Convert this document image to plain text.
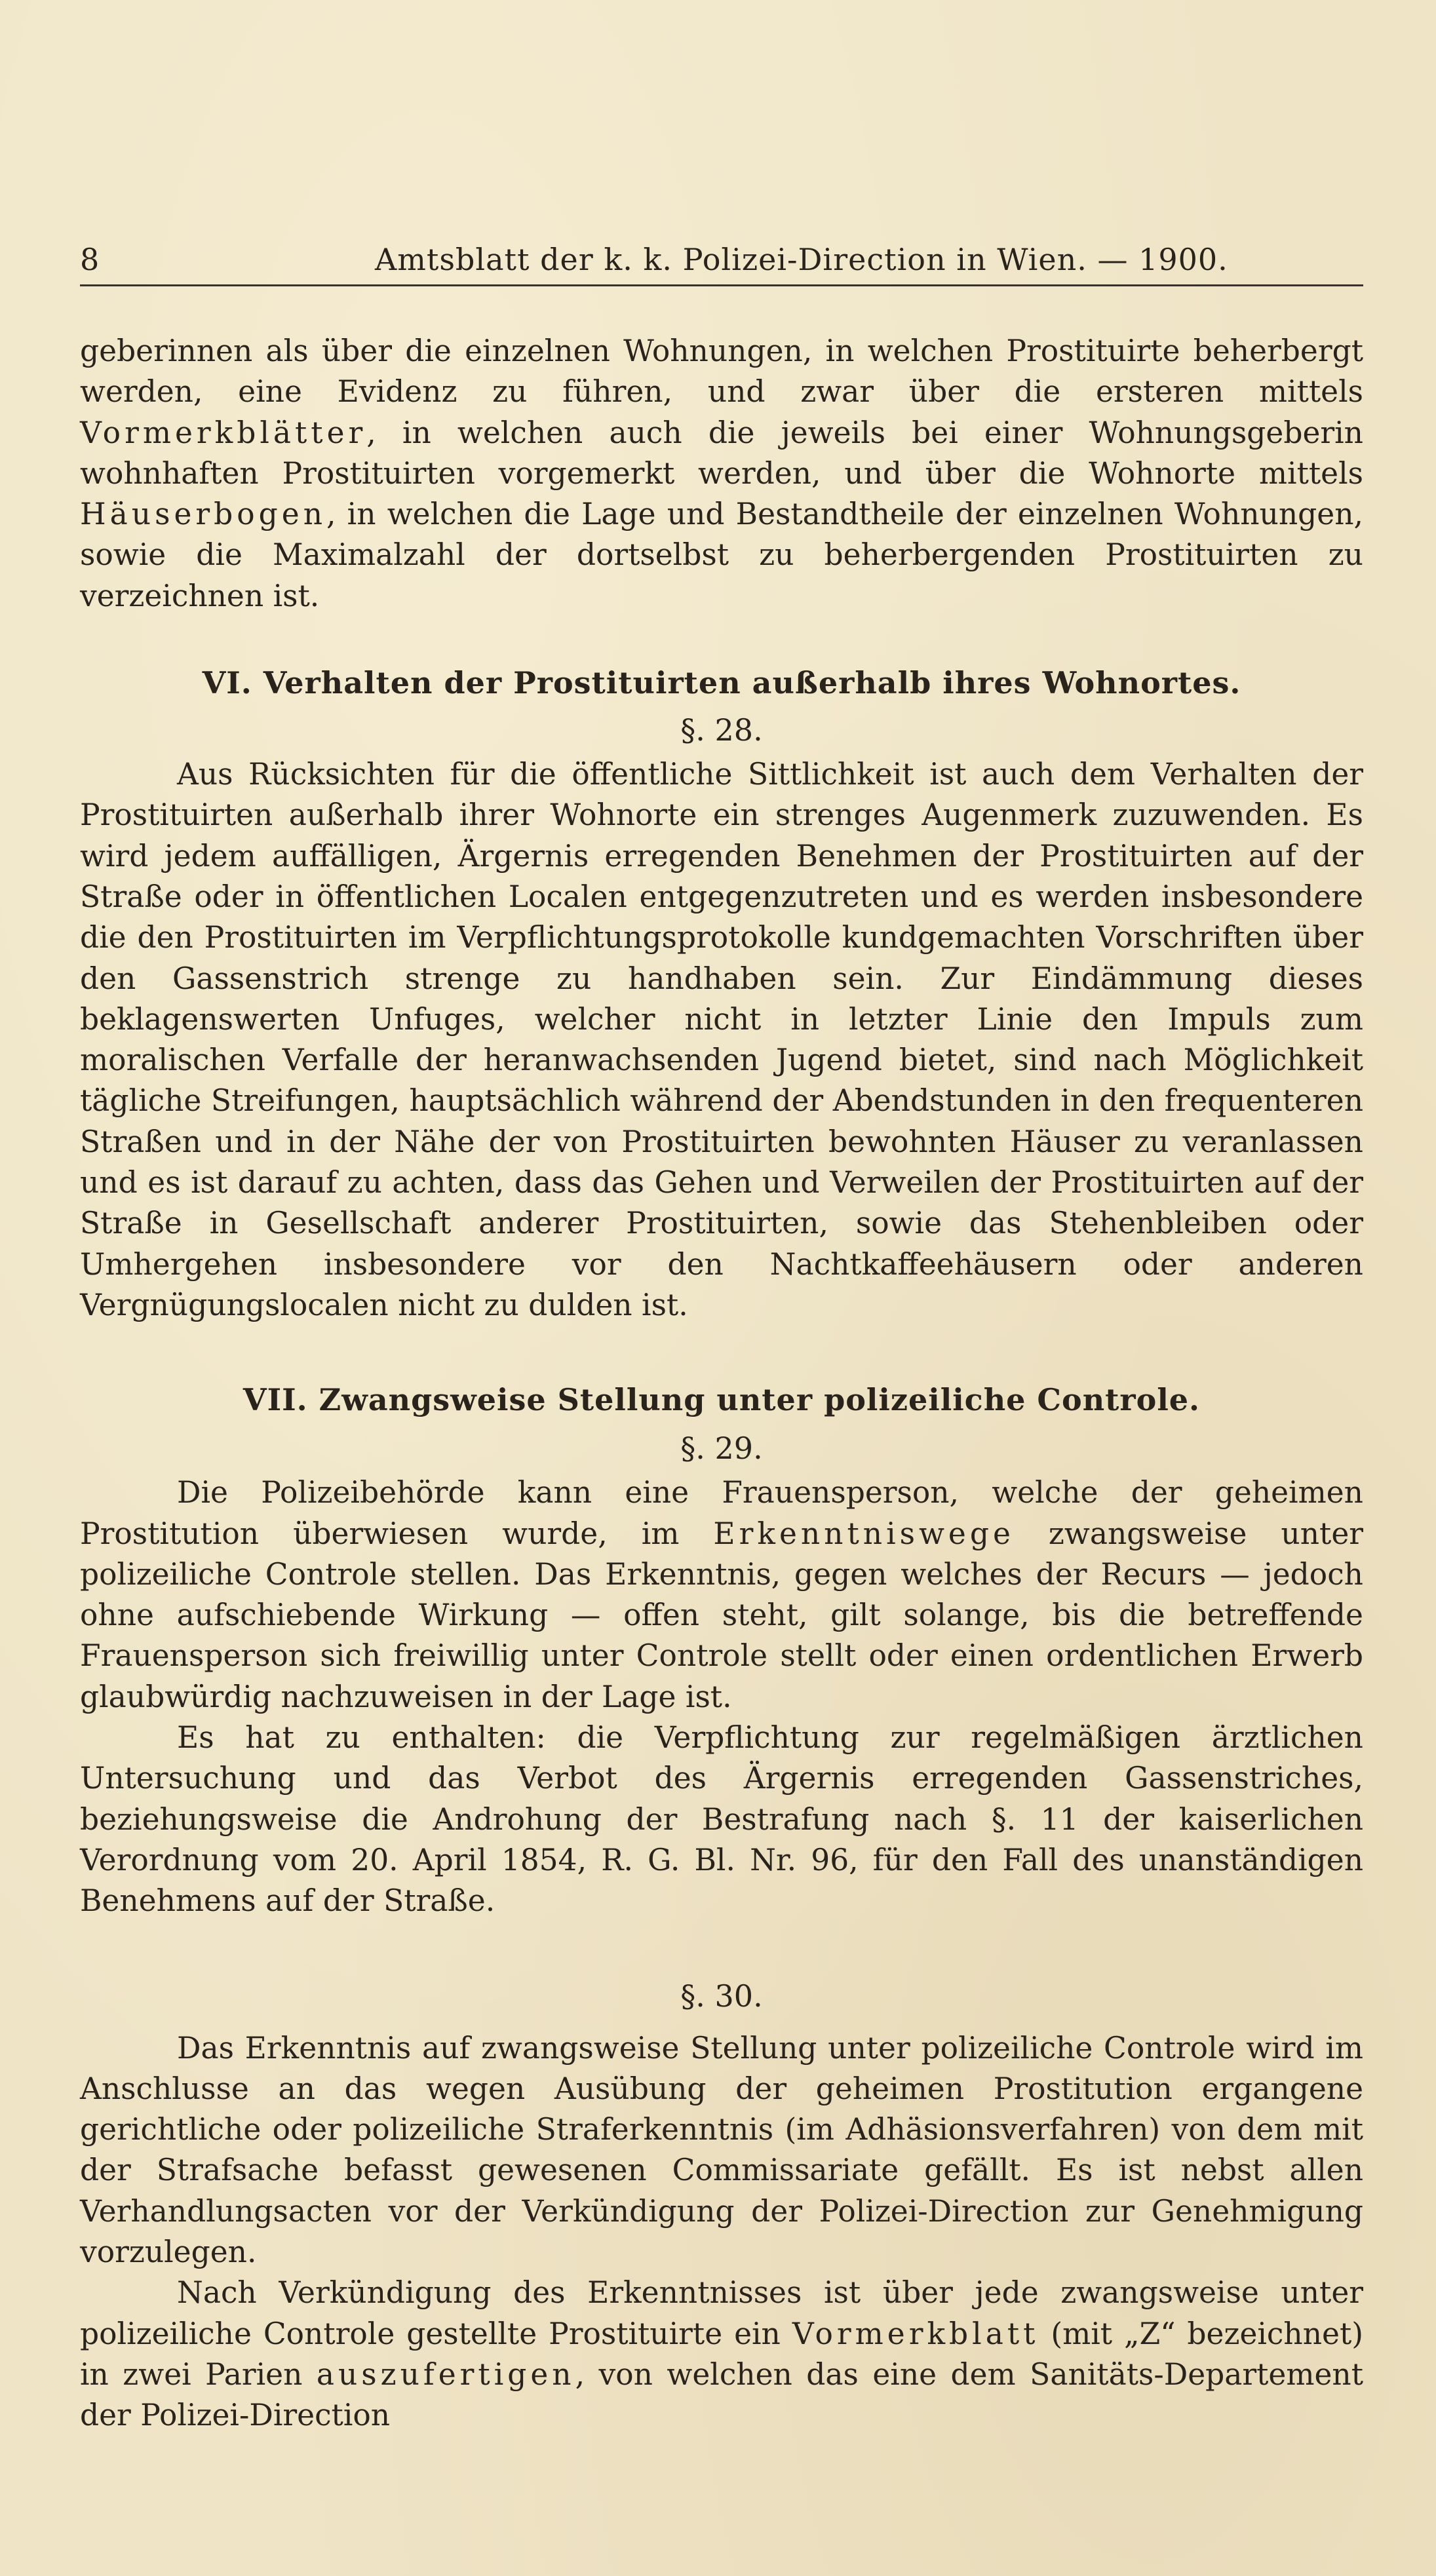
8	Amtsblatt der k. k. Polizei-Direction in Wien. — 1900.

geberinnen als über die einzelnen Wohnungen, in welchen Prostituirte beherbergt werden, eine Evidenz zu führen, und zwar über die ersteren mittels Vormerkblätter, in welchen auch die jeweils bei einer Wohnungsgeberin wohnhaften Prostituirten vorgemerkt werden, und über die Wohnorte mittels Häuserbogen, in welchen die Lage und Bestandtheile der einzelnen Wohnungen, sowie die Maximalzahl der dortselbst zu beherbergenden Prostituirten zu verzeichnen ist.

VI. Verhalten der Prostituirten außerhalb ihres Wohnortes.
§. 28.

Aus Rücksichten für die öffentliche Sittlichkeit ist auch dem Verhalten der Prostituirten außerhalb ihrer Wohnorte ein strenges Augenmerk zuzuwenden. Es wird jedem auffälligen, Ärgernis erregenden Benehmen der Prostituirten auf der Straße oder in öffentlichen Localen entgegenzutreten und es werden insbesondere die den Prostituirten im Verpflichtungsprotokolle kundgemachten Vorschriften über den Gassenstrich strenge zu handhaben sein. Zur Eindämmung dieses beklagenswerten Unfuges, welcher nicht in letzter Linie den Impuls zum moralischen Verfalle der heranwachsenden Jugend bietet, sind nach Möglichkeit tägliche Streifungen, hauptsächlich während der Abendstunden in den frequenteren Straßen und in der Nähe der von Prostituirten bewohnten Häuser zu veranlassen und es ist darauf zu achten, dass das Gehen und Verweilen der Prostituirten auf der Straße in Gesellschaft anderer Prostituirten, sowie das Stehenbleiben oder Umhergehen insbesondere vor den Nachtkaffeehäusern oder anderen Vergnügungslocalen nicht zu dulden ist.

VII. Zwangsweise Stellung unter polizeiliche Controle.
§. 29.

Die Polizeibehörde kann eine Frauensperson, welche der geheimen Prostitution überwiesen wurde, im Erkenntniswege zwangsweise unter polizeiliche Controle stellen. Das Erkenntnis, gegen welches der Recurs — jedoch ohne aufschiebende Wirkung — offen steht, gilt solange, bis die betreffende Frauensperson sich freiwillig unter Controle stellt oder einen ordentlichen Erwerb glaubwürdig nachzuweisen in der Lage ist.

Es hat zu enthalten: die Verpflichtung zur regelmäßigen ärztlichen Untersuchung und das Verbot des Ärgernis erregenden Gassenstriches, beziehungsweise die Androhung der Bestrafung nach §. 11 der kaiserlichen Verordnung vom 20. April 1854, R. G. Bl. Nr. 96, für den Fall des unanständigen Benehmens auf der Straße.

§. 30.

Das Erkenntnis auf zwangsweise Stellung unter polizeiliche Controle wird im Anschlusse an das wegen Ausübung der geheimen Prostitution ergangene gerichtliche oder polizeiliche Straferkenntnis (im Adhäsionsverfahren) von dem mit der Strafsache befasst gewesenen Commissariate gefällt. Es ist nebst allen Verhandlungsacten vor der Verkündigung der Polizei-Direction zur Genehmigung vorzulegen.

Nach Verkündigung des Erkenntnisses ist über jede zwangsweise unter polizeiliche Controle gestellte Prostituirte ein Vormerkblatt (mit „Z“ bezeichnet) in zwei Parien auszufertigen, von welchen das eine dem Sanitäts-Departement der Polizei-Direction
